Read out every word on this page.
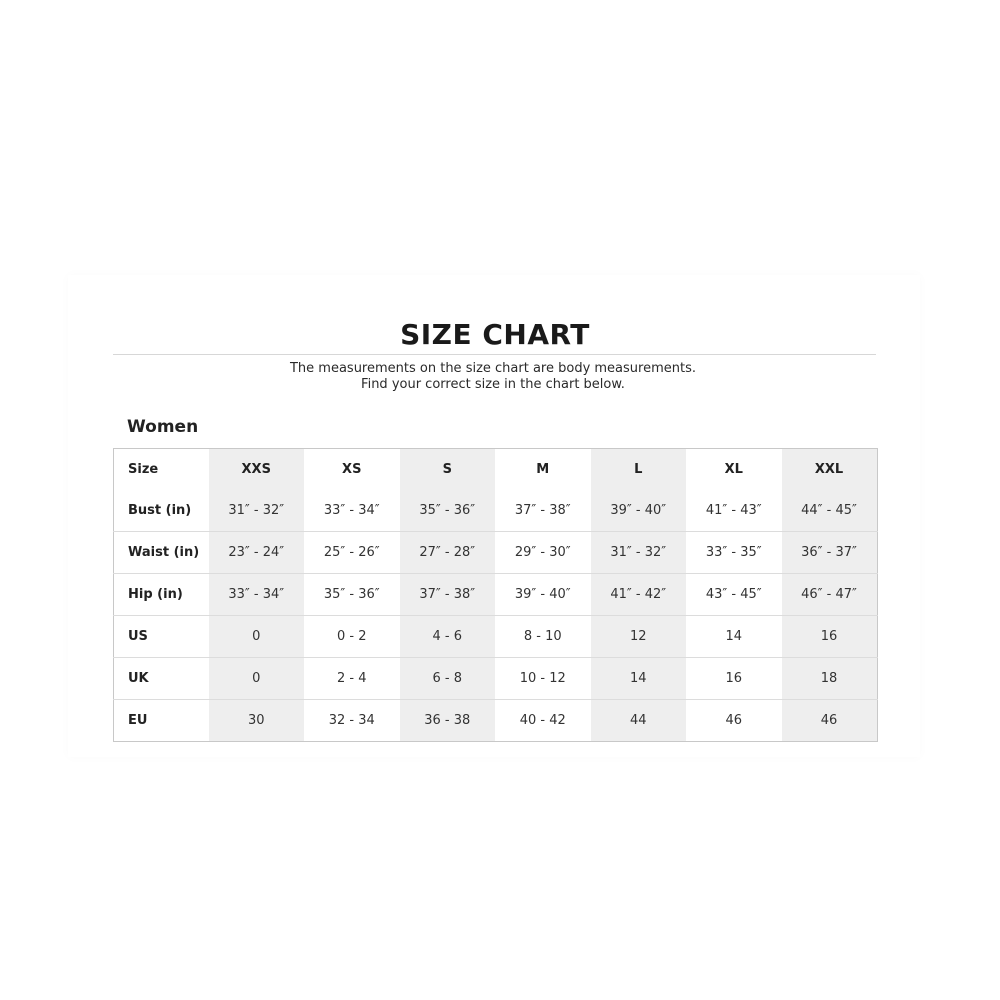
SIZE CHART
The measurements on the size chart are body measurements.
Find your correct size in the chart below.
Women
Size	XXS	XS	S	M	L	XL	XXL
Bust (in)	31″ - 32″	33″ - 34″	35″ - 36″	37″ - 38″	39″ - 40″	41″ - 43″	44″ - 45″
Waist (in)	23″ - 24″	25″ - 26″	27″ - 28″	29″ - 30″	31″ - 32″	33″ - 35″	36″ - 37″
Hip (in)	33″ - 34″	35″ - 36″	37″ - 38″	39″ - 40″	41″ - 42″	43″ - 45″	46″ - 47″
US	0	0 - 2	4 - 6	8 - 10	12	14	16
UK	0	2 - 4	6 - 8	10 - 12	14	16	18
EU	30	32 - 34	36 - 38	40 - 42	44	46	46
